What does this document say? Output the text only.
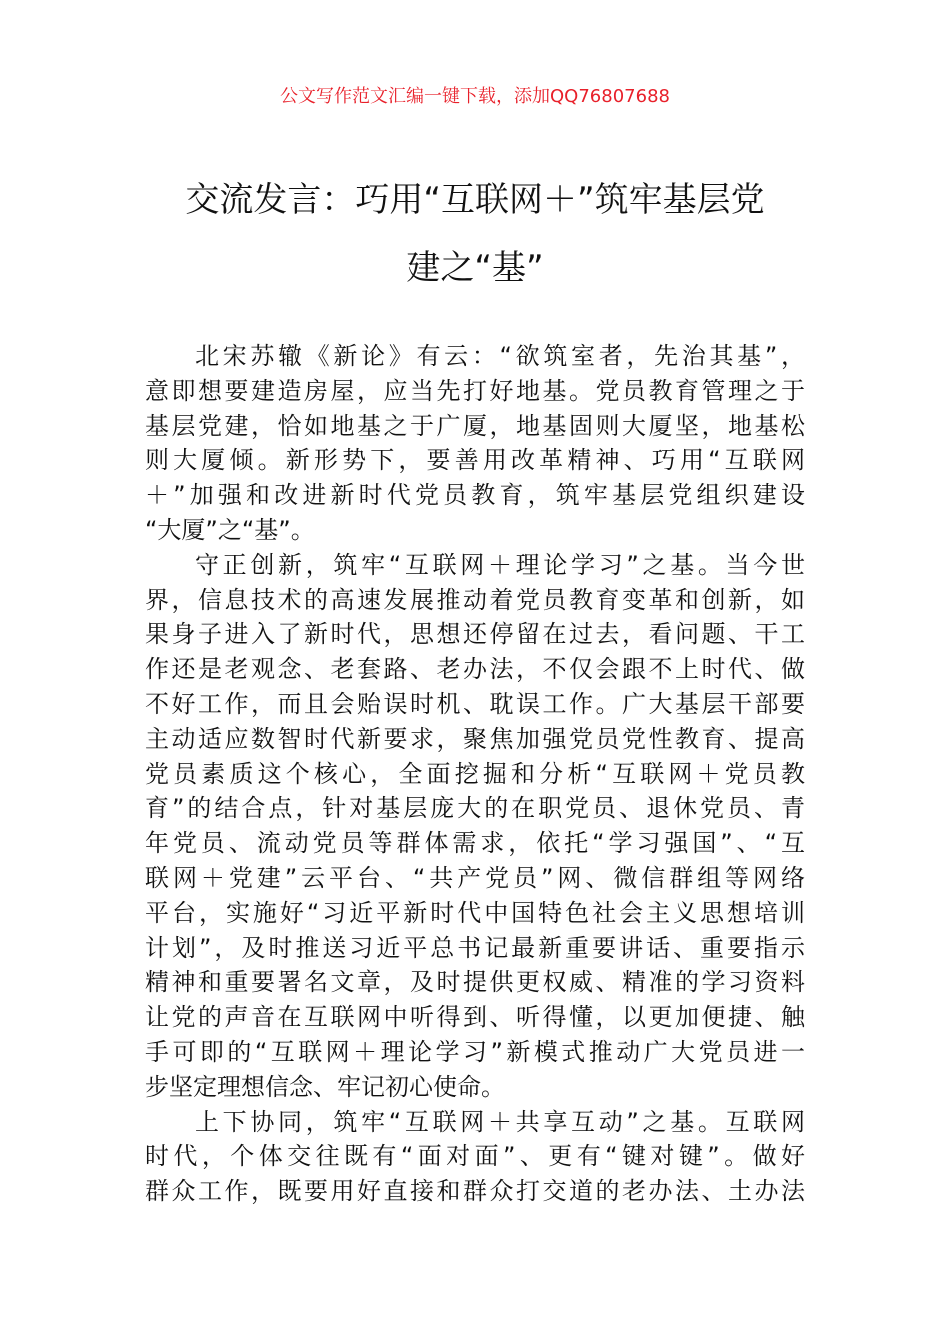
公文写作范文汇编一键下载，添加QQ76807688
交流发言：巧用“互联网＋”筑牢基层党
建之“基”
北宋苏辙《新论》有云：“欲筑室者，先治其基”，
意即想要建造房屋，应当先打好地基。党员教育管理之于
基层党建，恰如地基之于广厦，地基固则大厦坚，地基松
则大厦倾。新形势下，要善用改革精神、巧用“互联网
＋”加强和改进新时代党员教育，筑牢基层党组织建设
“大厦”之“基”。
守正创新，筑牢“互联网＋理论学习”之基。当今世
界，信息技术的高速发展推动着党员教育变革和创新，如
果身子进入了新时代，思想还停留在过去，看问题、干工
作还是老观念、老套路、老办法，不仅会跟不上时代、做
不好工作，而且会贻误时机、耽误工作。广大基层干部要
主动适应数智时代新要求，聚焦加强党员党性教育、提高
党员素质这个核心，全面挖掘和分析“互联网＋党员教
育”的结合点，针对基层庞大的在职党员、退休党员、青
年党员、流动党员等群体需求，依托“学习强国”、“互
联网＋党建”云平台、“共产党员”网、微信群组等网络
平台，实施好“习近平新时代中国特色社会主义思想培训
计划”，及时推送习近平总书记最新重要讲话、重要指示
精神和重要署名文章，及时提供更权威、精准的学习资料
让党的声音在互联网中听得到、听得懂，以更加便捷、触
手可即的“互联网＋理论学习”新模式推动广大党员进一
步坚定理想信念、牢记初心使命。
上下协同，筑牢“互联网＋共享互动”之基。互联网
时代，个体交往既有“面对面”、更有“键对键”。做好
群众工作，既要用好直接和群众打交道的老办法、土办法
